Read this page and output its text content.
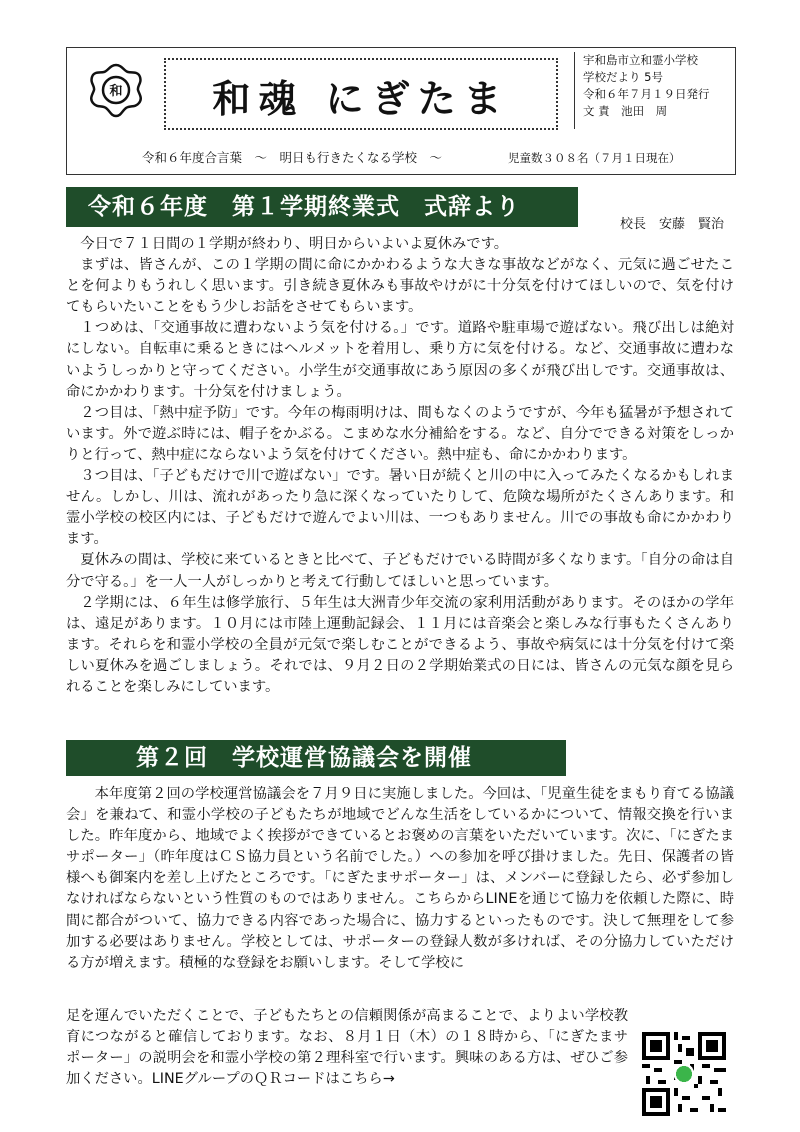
和	和魂 にぎたま
宇和島市立和霊小学校
学校だより 5号
令和６年７月１９日発行
文 責　池田　周
令和６年度合言葉　～　明日も行きたくなる学校　～	児童数３０８名（７月１日現在）
令和６年度　第１学期終業式　式辞より
校長　安藤　賢治

今日で７１日間の１学期が終わり、明日からいよいよ夏休みです。

まずは、皆さんが、この１学期の間に命にかかわるような大きな事故などがなく、元気に過ごせたことを何よりもうれしく思います。引き続き夏休みも事故やけがに十分気を付けてほしいので、気を付けてもらいたいことをもう少しお話をさせてもらいます。

１つめは、「交通事故に遭わないよう気を付ける。」です。道路や駐車場で遊ばない。飛び出しは絶対にしない。自転車に乗るときにはヘルメットを着用し、乗り方に気を付ける。など、交通事故に遭わないようしっかりと守ってください。小学生が交通事故にあう原因の多くが飛び出しです。交通事故は、命にかかわります。十分気を付けましょう。

２つ目は、「熱中症予防」です。今年の梅雨明けは、間もなくのようですが、今年も猛暑が予想されています。外で遊ぶ時には、帽子をかぶる。こまめな水分補給をする。など、自分でできる対策をしっかりと行って、熱中症にならないよう気を付けてください。熱中症も、命にかかわります。

３つ目は、「子どもだけで川で遊ばない」です。暑い日が続くと川の中に入ってみたくなるかもしれません。しかし、川は、流れがあったり急に深くなっていたりして、危険な場所がたくさんあります。和霊小学校の校区内には、子どもだけで遊んでよい川は、一つもありません。川での事故も命にかかわります。

夏休みの間は、学校に来ているときと比べて、子どもだけでいる時間が多くなります。「自分の命は自分で守る。」を一人一人がしっかりと考えて行動してほしいと思っています。

２学期には、６年生は修学旅行、５年生は大洲青少年交流の家利用活動があります。そのほかの学年は、遠足があります。１０月には市陸上運動記録会、１１月には音楽会と楽しみな行事もたくさんあります。それらを和霊小学校の全員が元気で楽しむことができるよう、事故や病気には十分気を付けて楽しい夏休みを過ごしましょう。それでは、９月２日の２学期始業式の日には、皆さんの元気な顔を見られることを楽しみにしています。

第２回　学校運営協議会を開催

本年度第２回の学校運営協議会を７月９日に実施しました。今回は、「児童生徒をまもり育てる協議会」を兼ねて、和霊小学校の子どもたちが地域でどんな生活をしているかについて、情報交換を行いました。昨年度から、地域でよく挨拶ができているとお褒めの言葉をいただいています。次に、「にぎたまサポーター」（昨年度はＣＳ協力員という名前でした。）への参加を呼び掛けました。先日、保護者の皆様へも御案内を差し上げたところです。「にぎたまサポーター」は、メンバーに登録したら、必ず参加しなければならないという性質のものではありません。こちらからLINEを通じて協力を依頼した際に、時間に都合がついて、協力できる内容であった場合に、協力するといったものです。決して無理をして参加する必要はありません。学校としては、サポーターの登録人数が多ければ、その分協力していただける方が増えます。積極的な登録をお願いします。そして学校に

足を運んでいただくことで、子どもたちとの信頼関係が高まることで、よりよい学校教育につながると確信しております。なお、８月１日（木）の１８時から、「にぎたまサポーター」の説明会を和霊小学校の第２理科室で行います。興味のある方は、ぜひご参加ください。LINEグループのＱＲコードはこちら→
